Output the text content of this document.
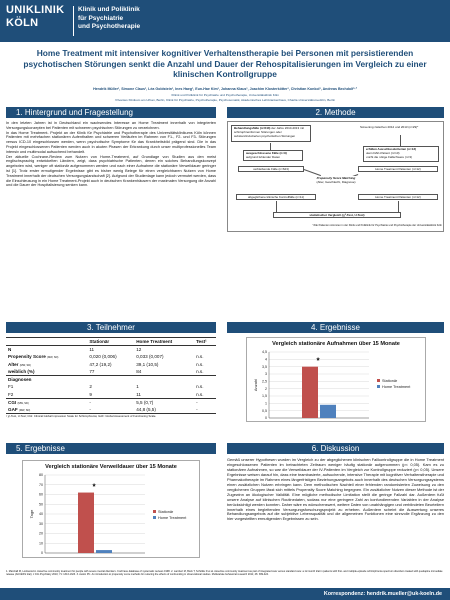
UNIKLINIK
KÖLN
Klinik und Poliklinik
für Psychiatrie
und Psychotherapie
Home Treatment mit intensiver kognitiver Verhaltenstherapie bei Personen mit persistierenden psychotischen Störungen senkt die Anzahl und Dauer der Rehospitalisierungen im Vergleich zu einer klinischen Kontrollgruppe
Hendrik Müller¹, Simone Claus¹, Léa Goldstein¹, Ines Haeg¹, Eun-Hae Kim¹, Johanna Klaus¹, Joachim Klosterkötter¹, Christian Konkol¹, Andreas Bechdolf¹·²
¹Klinik und Poliklinik für Psychiatrie und Psychotherapie, Universitätsklinik Köln
²Vivantes Klinikum am Urban, Berlin, Klinik für Psychiatrie, Psychotherapie, Psychosomatik, Akademisches Lehrkrankenhaus, Charité-Universitätsmedizin, Berlin
1. Hintergrund und Fragestellung

In den letzten Jahren ist in Deutschland ein wachsendes Interesse an Home Treatment innerhalb von integrierten Versorgungskonzepten bei Patienten mit schweren psychischen Störungen zu verzeichnen.

In das Home Treatment- Projekt an der Klinik für Psychiatrie und Psychotherapie des Universitätsklinikums Köln können Patienten mit mehrfachen stationären Aufenthalten und schweren Verläufen im Rahmen von F1-, F2- und F3- Störungen versus ICD-10 eingeschlossen werden, wenn psychotische Symptome für das Krankheitsbild prägend sind. Die in das Projekt eingeschlossenen Patienten werden auch in akuten Phasen der Erkrankung durch unser multiprofessionelles Team intensiv und multimodal aufsuchend behandelt.

Der aktuelle Cochrane-Review zum Nutzen von Home-Treatment, auf Grundlage von Studien aus den meist englischsprachig entwickelten Ländern, zeigt, dass psychiatrische Patienten, denen ein solches Behandlungskonzept angeboten wird, weniger oft stationär aufgenommen werden und nach einer Aufnahme die stationäre Verweildauer geringer ist [1]. Trotz erster ermutigender Ergebnisse gibt es bisher wenig Belege für einen vergleichbaren Nutzen von Home Treatment innerhalb der deutschen Versorgungslandschaft [2]. Aufgrund der Studienlage kann jedoch vermutet werden, dass die Einschleusung in ein Home Treatment-Projekt auch in deutschen Krankenhäusern der maximalen Versorgung die Anzahl und die Dauer der Hospitalisierung senken kann.

2. Methode
Behandlungsfälle (n=644) der Jahre 2010-2013 mit schizophreniformen Störungen oder substanzinduzierten psychotischen Störungen
Screening zwischen 2012 und 2013 (n=29)*
ausgeschlossene Fälle (n=9)
aufgrund fehlender Daten
erfüllen Ausschlusskriterien (n=13)
•kein DAK-Patient (n=10)
•nicht die nötige Fallschwere (n=3)
verbleibende Fälle (n=623)	Home Treatment Patienten (n=12)
Propensity Score Matching
(Alter, Geschlecht, Diagnose)
abgeglichene klinische Kontrollfälle (n=11)	Home Treatment Patienten (n=12)
statistischer Vergleich (χ²-Test, U-Test)
*Alle Patienten stimmten in der Klinik und Poliklinik für Psychiatrie und Psychotherapie der Universitätsklinik Köln
3. Teilnehmer
	Stationär	Home Treatment	Test¹
N	11	12	
Propensity Score (MW, SD)	0,020 (0,006)	0,033 (0,007)	n.s.
Alter (MW, SD)	47,2 (19,2)	39,1 (10,5)	n.s.
weiblich (%)	77	84	n.s.
Diagnosen			
F1	2	1	n.s.
F2	9	11	n.s.
CGI (MW, SD)	-	5,5 (0,7)	-
GAF (MW, SD)	-	44,8 (5,5)	-
¹ χ²-Test, U-Test; CGI: Clinical Global Impression Scale for Schizophrenia; GAF: Global Assessment of Functioning Scale.
4. Ergebnisse
Vergleich stationäre Aufnahmen über 15 Monate
0
0,5
1
1,5
2
2,5
3
3,5
4
4,5
Anzahl
*
Stationär
Home Treatment
5. Ergebnisse
Vergleich stationäre Verweildauer über 15 Monate
0
10
20
30
40
50
60
70
80
Tage
*
Stationär
Home Treatment
6. Diskussion
Gemäß unserer Hypothesen wurden im Vergleich zu der abgeglichenen klinischen Fallkontrollgruppe die in Home Treatment eingeschlossenen Patienten im betrachteten Zeitraum weniger häufig stationär aufgenommen (p< 0,05). Kam es zu stationären Aufnahmen, so war die Verweildauer der IV-Patienten im Vergleich zur Kontrollgruppe reduziert (p< 0,05). Unsere Ergebnisse weisen darauf hin, dass eine teambasierte, aufsuchende, intensive Therapie mit kognitiver Verhaltenstherapie und Pharmakotherapie im Rahmen eines längerfristigen Beziehungsangebots auch innerhalb des deutschen Versorgungssystems einen zusätzlichen Nutzen erbringen kann. Dem methodischen Nachteil einer fehlenden randomisierten Zuweisung zu den verglichenen Gruppen lässt sich mittels Propensity Score Matching begegnen. Ein zusätzlicher Nutzen dieser Methode ist der Zugewinn an ökologischer Validität. Eine mögliche methodische Limitation stellt die geringe Fallzahl dar. Außerdem fußt unsere Analyse auf klinischen Routinedaten, sodass nur eine geringere Zahl an konfundierenden Variablen in der Analyse berücksichtigt werden konnten. Daher wäre es wünschenswert, weitere Daten von unabhängigen und verblindeten Beurteilern innerhalb eines begleitenden Versorgungsforschungsprojekt zu erheben. Außerdem scheint die Auswertung unseres Behandlungsangebots auf die subjektive Lebensqualität und die allgemeinen Funktionen eine sinnvolle Ergänzung zu den hier vorgestellten ermutigenden Ergebnissen zu sein.
1. Marshall M, Lockwood A. Assertive community treatment for people with severe mental disorders. Cochrane database of systematic reviews 1998. 2. Lambert M, Bock T, Schöttle D et al. Assertive community treatment as part of integrated care versus standard care: a 12-month trial in patients with first- and multiple-episode schizophrenia spectrum disorders treated with quetiapine immediate release (ACCESS trial). J Clin Psychiatry 2010; 71: 1313-1323. 3. Austin PC. An introduction to propensity score methods for reducing the effects of confounding in observational studies. Multivariate behavioral research 2011; 46: 399-424.
Korrespondenz: hendrik.mueller@uk-koeln.de
